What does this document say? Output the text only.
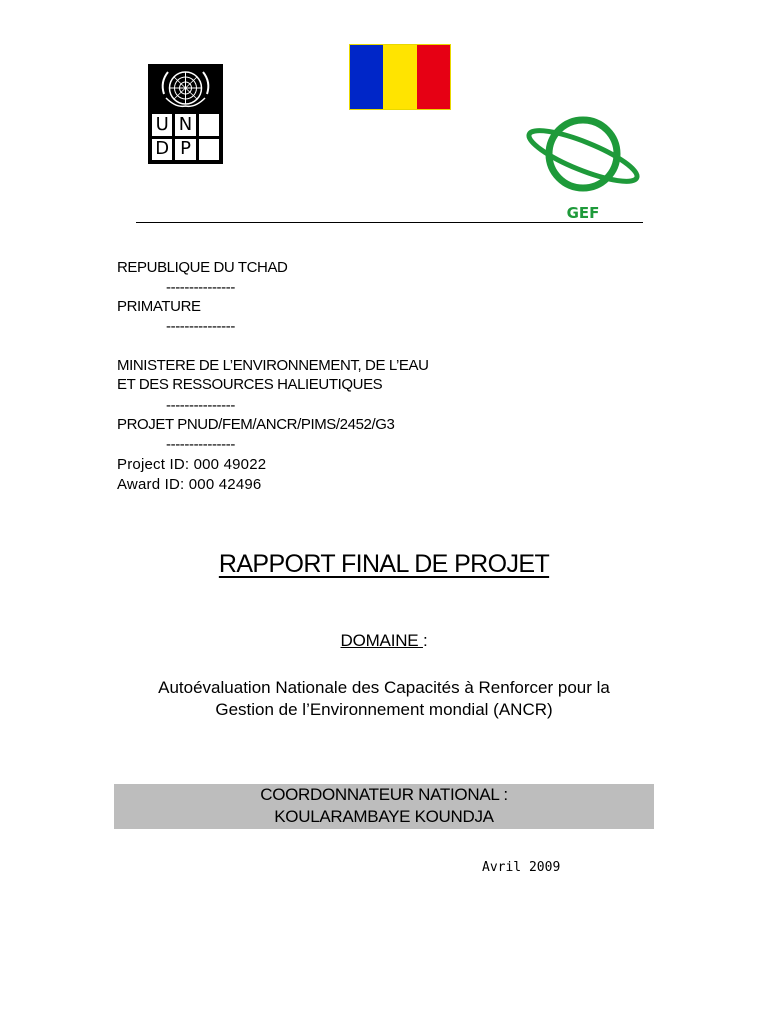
U N
D P
GEF
REPUBLIQUE DU TCHAD
---------------
PRIMATURE
---------------
MINISTERE DE L’ENVIRONNEMENT, DE L’EAU
ET DES RESSOURCES HALIEUTIQUES
---------------
PROJET PNUD/FEM/ANCR/PIMS/2452/G3
---------------
Project ID: 000 49022
Award ID: 000 42496
RAPPORT FINAL DE PROJET
DOMAINE :
Autoévaluation Nationale des Capacités à Renforcer pour la
Gestion de l’Environnement mondial (ANCR)
COORDONNATEUR NATIONAL :
KOULARAMBAYE KOUNDJA
Avril 2009
